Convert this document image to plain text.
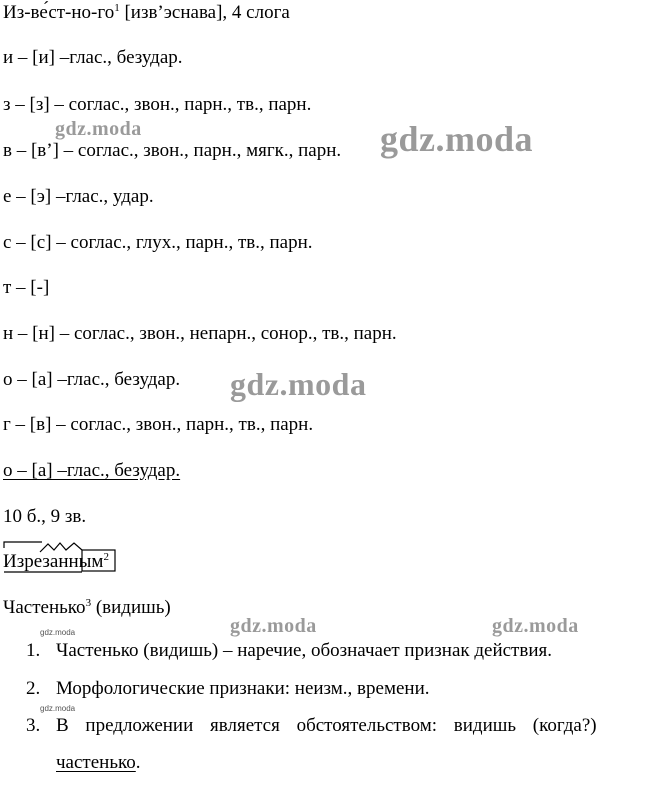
$Из-ве́ст-но-го^1$ [изв’эснава], 4 слога
и – [и] –глас., безудар.
з – [з] – соглас., звон., парн., тв., парн.
в – [в’] – соглас., звон., парн., мягк., парн.
е – [э] –глас., удар.
с – [с] – соглас., глух., парн., тв., парн.
т – [-]
н – [н] – соглас., звон., непарн., сонор., тв., парн.
о – [а] –глас., безудар.
г – [в] – соглас., звон., парн., тв., парн.
о – [а] –глас., безудар.
10 б., 9 зв.
Изрезанным$^2$
Частенько$^3$ (видишь)
1. Частенько (видишь) – наречие, обозначает признак действия.
2. Морфологические признаки: неизм., времени.
3. В предложении является обстоятельством: видишь (когда?)
частенько.
gdz.moda	gdz.moda
gdz.moda
gdz.moda	gdz.moda
gdz.moda
gdz.moda
